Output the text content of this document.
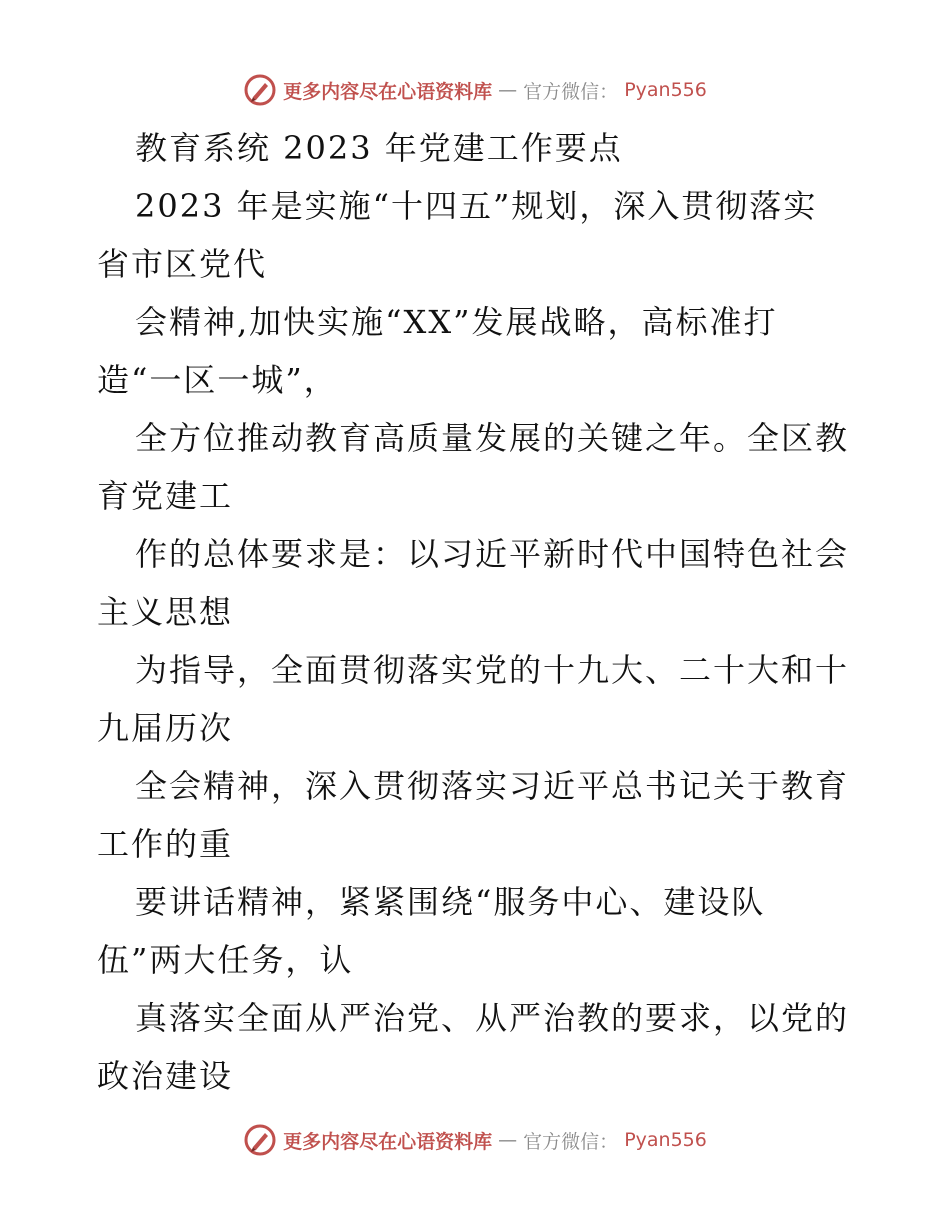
更多内容尽在心语资料库 — 官方微信： Pyan556
教育系统 2023 年党建工作要点
2023 年是实施“十四五”规划，深入贯彻落实
省市区党代
会精神,加快实施“XX”发展战略，高标准打
造“一区一城”，
全方位推动教育高质量发展的关键之年。全区教
育党建工
作的总体要求是：以习近平新时代中国特色社会
主义思想
为指导，全面贯彻落实党的十九大、二十大和十
九届历次
全会精神，深入贯彻落实习近平总书记关于教育
工作的重
要讲话精神，紧紧围绕“服务中心、建设队
伍”两大任务，认
真落实全面从严治党、从严治教的要求，以党的
政治建设
更多内容尽在心语资料库 — 官方微信： Pyan556
